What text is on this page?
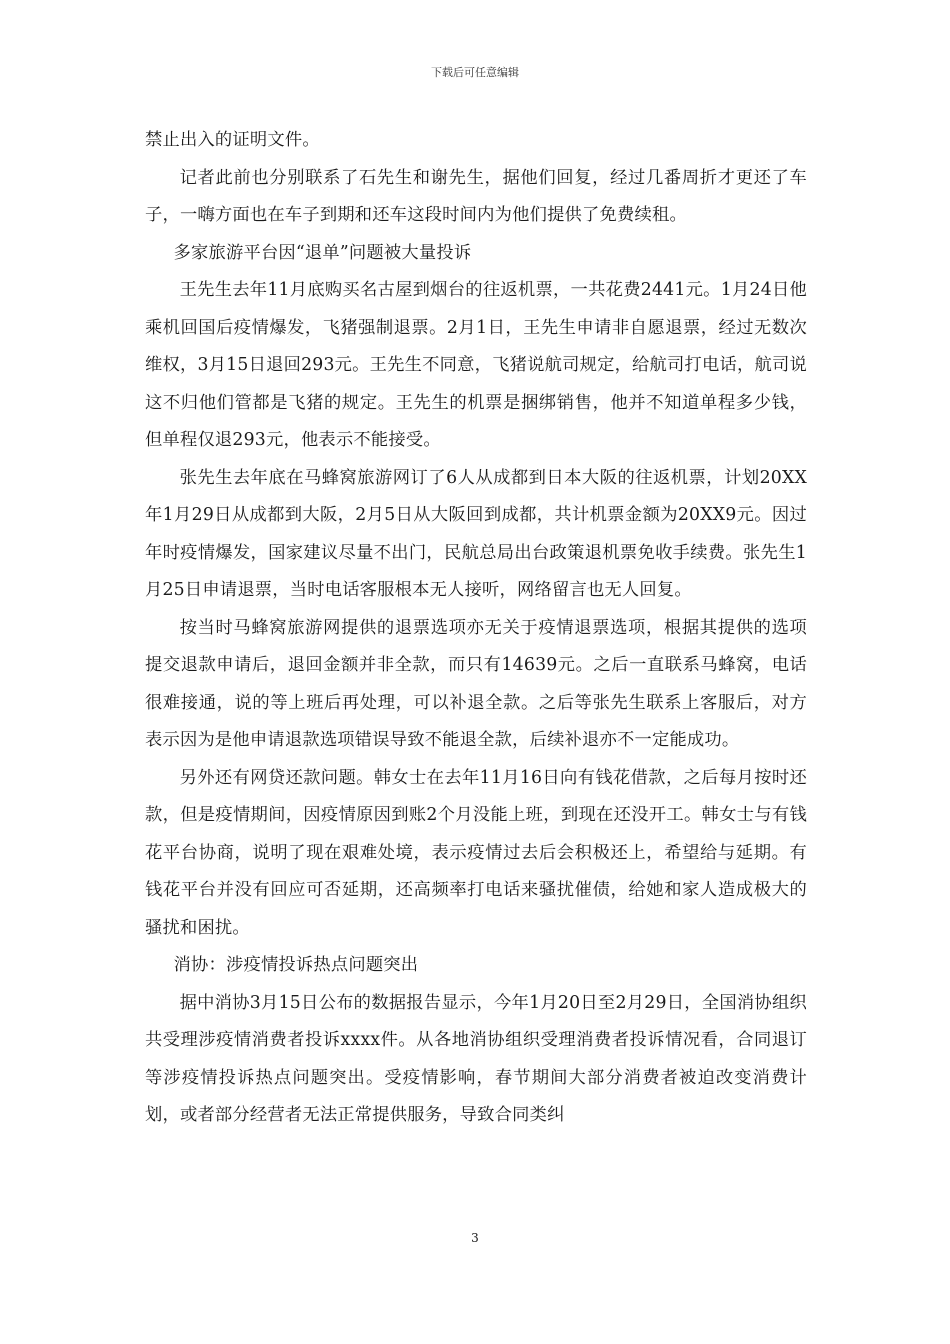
下载后可任意编辑

禁止出入的证明文件。

记者此前也分别联系了石先生和谢先生，据他们回复，经过几番周折才更还了车子，一嗨方面也在车子到期和还车这段时间内为他们提供了免费续租。

多家旅游平台因“退单”问题被大量投诉

王先生去年11月底购买名古屋到烟台的往返机票，一共花费2441元。1月24日他乘机回国后疫情爆发，飞猪强制退票。2月1日，王先生申请非自愿退票，经过无数次维权，3月15日退回293元。王先生不同意，飞猪说航司规定，给航司打电话，航司说这不归他们管都是飞猪的规定。王先生的机票是捆绑销售，他并不知道单程多少钱，但单程仅退293元，他表示不能接受。

张先生去年底在马蜂窝旅游网订了6人从成都到日本大阪的往返机票，计划20XX年1月29日从成都到大阪，2月5日从大阪回到成都，共计机票金额为20XX9元。因过年时疫情爆发，国家建议尽量不出门，民航总局出台政策退机票免收手续费。张先生1月25日申请退票，当时电话客服根本无人接听，网络留言也无人回复。

按当时马蜂窝旅游网提供的退票选项亦无关于疫情退票选项，根据其提供的选项提交退款申请后，退回金额并非全款，而只有14639元。之后一直联系马蜂窝，电话很难接通，说的等上班后再处理，可以补退全款。之后等张先生联系上客服后，对方表示因为是他申请退款选项错误导致不能退全款，后续补退亦不一定能成功。

另外还有网贷还款问题。韩女士在去年11月16日向有钱花借款，之后每月按时还款，但是疫情期间，因疫情原因到账2个月没能上班，到现在还没开工。韩女士与有钱花平台协商，说明了现在艰难处境，表示疫情过去后会积极还上，希望给与延期。有钱花平台并没有回应可否延期，还高频率打电话来骚扰催债，给她和家人造成极大的骚扰和困扰。

消协：涉疫情投诉热点问题突出

据中消协3月15日公布的数据报告显示，今年1月20日至2月29日，全国消协组织共受理涉疫情消费者投诉xxxx件。从各地消协组织受理消费者投诉情况看，合同退订等涉疫情投诉热点问题突出。受疫情影响，春节期间大部分消费者被迫改变消费计划，或者部分经营者无法正常提供服务，导致合同类纠

3
